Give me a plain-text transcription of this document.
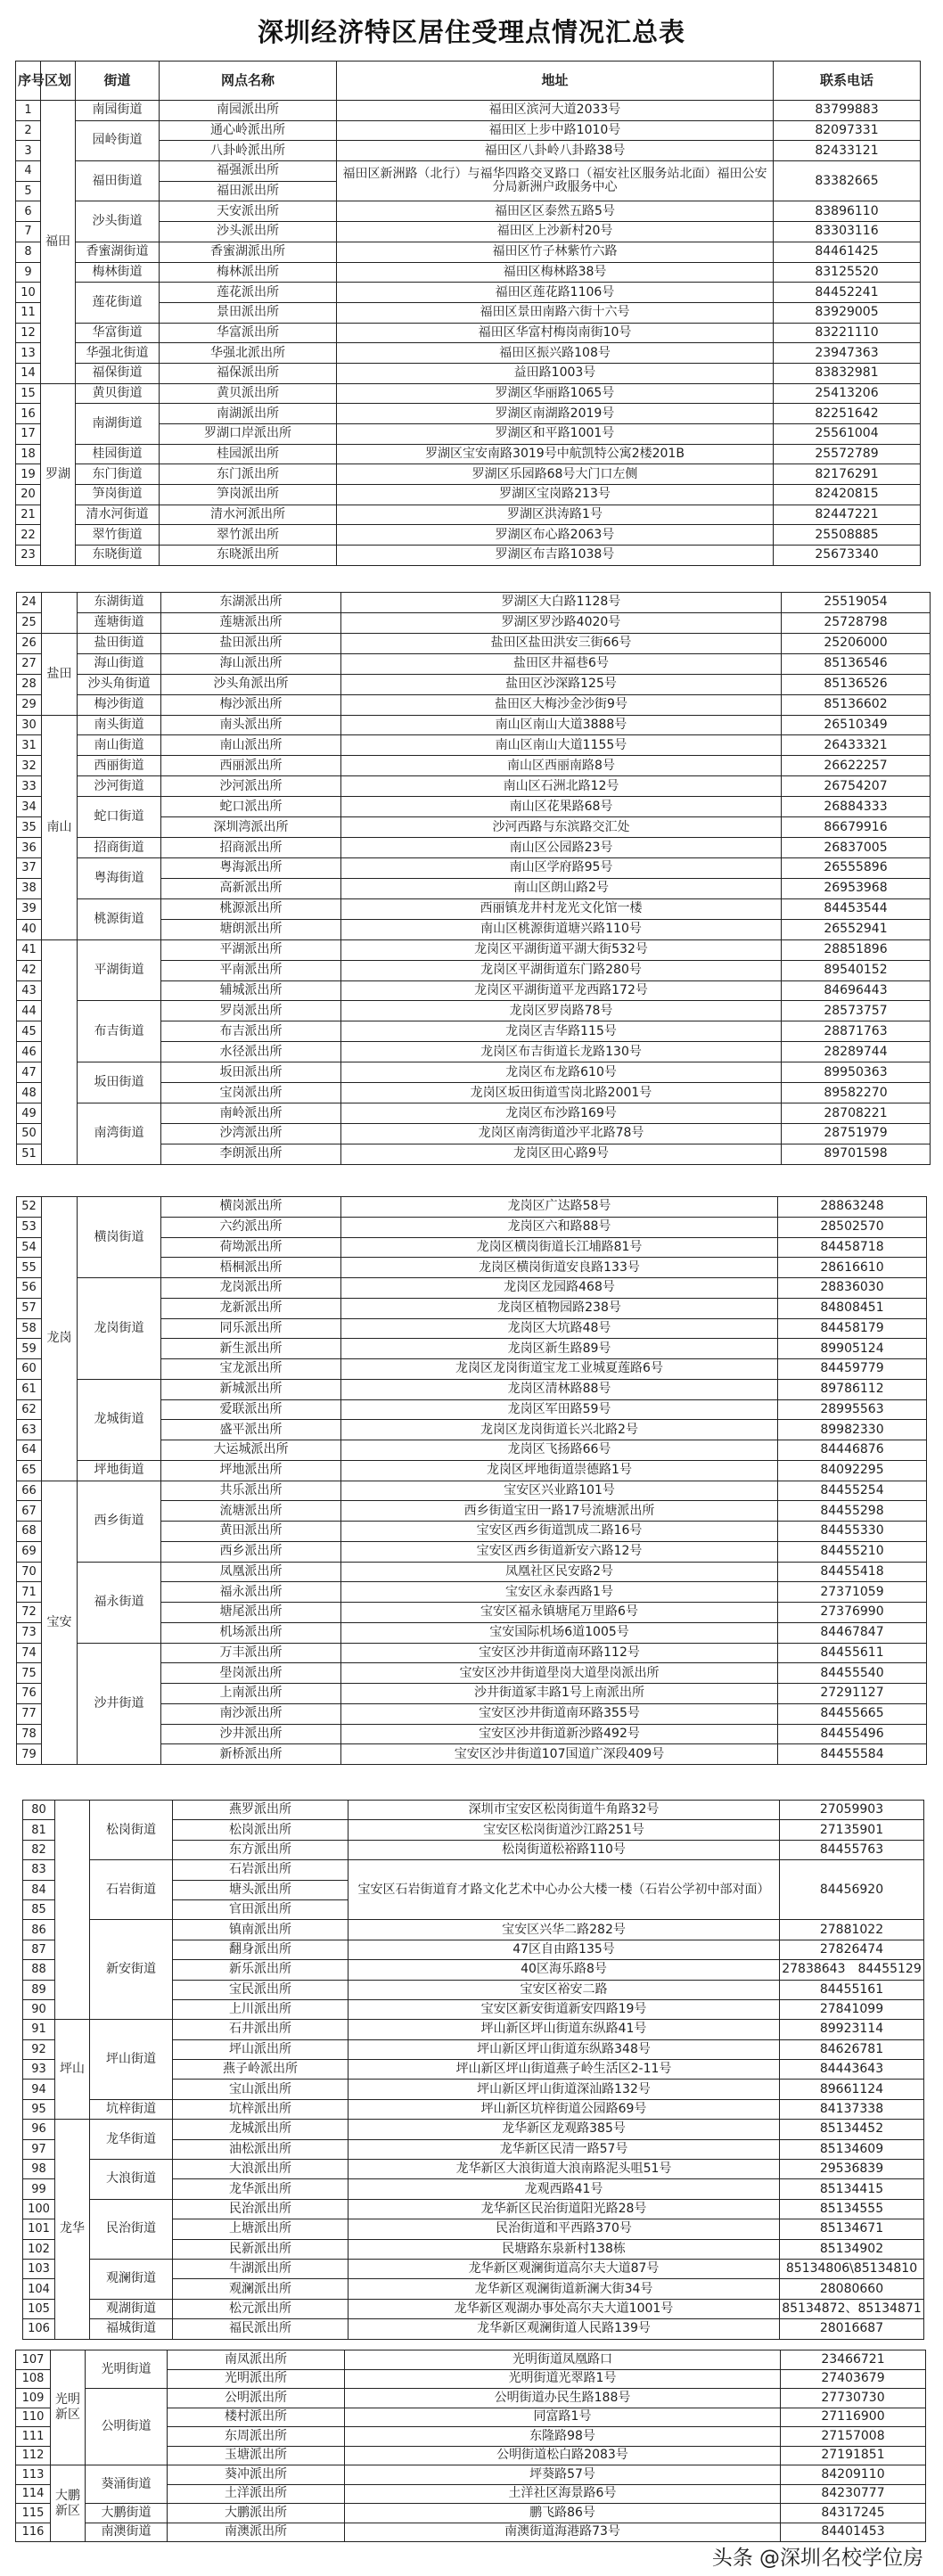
深圳经济特区居住受理点情况汇总表
序号	区划	街道	网点名称	地址	联系电话
1	福田	南园街道	南园派出所	福田区滨河大道2033号	83799883
2		园岭街道	通心岭派出所	福田区上步中路1010号	82097331
3			八卦岭派出所	福田区八卦岭八卦路38号	82433121
4		福田街道	福强派出所	福田区新洲路（北行）与福华四路交叉路口（福安社区服务站北面）福田公安分局新洲户政服务中心	83382665
5			福田派出所		
6		沙头街道	天安派出所	福田区区泰然五路5号	83896110
7			沙头派出所	福田区上沙新村20号	83303116
8		香蜜湖街道	香蜜湖派出所	福田区竹子林紫竹六路	84461425
9		梅林街道	梅林派出所	福田区梅林路38号	83125520
10		莲花街道	莲花派出所	福田区莲花路1106号	84452241
11			景田派出所	福田区景田南路六街十六号	83929005
12		华富街道	华富派出所	福田区华富村梅岗南街10号	83221110
13		华强北街道	华强北派出所	福田区振兴路108号	23947363
14		福保街道	福保派出所	益田路1003号	83832981
15	罗湖	黄贝街道	黄贝派出所	罗湖区华丽路1065号	25413206
16		南湖街道	南湖派出所	罗湖区南湖路2019号	82251642
17			罗湖口岸派出所	罗湖区和平路1001号	25561004
18		桂园街道	桂园派出所	罗湖区宝安南路3019号中航凯特公寓2楼201B	25572789
19		东门街道	东门派出所	罗湖区乐园路68号大门口左侧	82176291
20		笋岗街道	笋岗派出所	罗湖区宝岗路213号	82420815
21		清水河街道	清水河派出所	罗湖区洪涛路1号	82447221
22		翠竹街道	翠竹派出所	罗湖区布心路2063号	25508885
23		东晓街道	东晓派出所	罗湖区布吉路1038号	25673340
24		东湖街道	东湖派出所	罗湖区大白路1128号	25519054
25		莲塘街道	莲塘派出所	罗湖区罗沙路4020号	25728798
26	盐田	盐田街道	盐田派出所	盐田区盐田洪安三街66号	25206000
27		海山街道	海山派出所	盐田区井福巷6号	85136546
28		沙头角街道	沙头角派出所	盐田区沙深路125号	85136526
29		梅沙街道	梅沙派出所	盐田区大梅沙金沙街9号	85136602
30	南山	南头街道	南头派出所	南山区南山大道3888号	26510349
31		南山街道	南山派出所	南山区南山大道1155号	26433321
32		西丽街道	西丽派出所	南山区西丽南路8号	26622257
33		沙河街道	沙河派出所	南山区石洲北路12号	26754207
34		蛇口街道	蛇口派出所	南山区花果路68号	26884333
35			深圳湾派出所	沙河西路与东滨路交汇处	86679916
36		招商街道	招商派出所	南山区公园路23号	26837005
37		粤海街道	粤海派出所	南山区学府路95号	26555896
38			高新派出所	南山区朗山路2号	26953968
39		桃源街道	桃源派出所	西丽镇龙井村龙光文化馆一楼	84453544
40			塘朗派出所	南山区桃源街道塘兴路110号	26552941
41		平湖街道	平湖派出所	龙岗区平湖街道平湖大街532号	28851896
42			平南派出所	龙岗区平湖街道东门路280号	89540152
43			辅城派出所	龙岗区平湖街道平龙西路172号	84696443
44		布吉街道	罗岗派出所	龙岗区罗岗路78号	28573757
45			布吉派出所	龙岗区吉华路115号	28871763
46			水径派出所	龙岗区布吉街道长龙路130号	28289744
47		坂田街道	坂田派出所	龙岗区布龙路610号	89950363
48			宝岗派出所	龙岗区坂田街道雪岗北路2001号	89582270
49		南湾街道	南岭派出所	龙岗区布沙路169号	28708221
50			沙湾派出所	龙岗区南湾街道沙平北路78号	28751979
51			李朗派出所	龙岗区田心路9号	89701598
52	龙岗	横岗街道	横岗派出所	龙岗区广达路58号	28863248
53			六约派出所	龙岗区六和路88号	28502570
54			荷坳派出所	龙岗区横岗街道长江埔路81号	84458718
55			梧桐派出所	龙岗区横岗街道安良路133号	28616610
56		龙岗街道	龙岗派出所	龙岗区龙园路468号	28836030
57			龙新派出所	龙岗区植物园路238号	84808451
58			同乐派出所	龙岗区大坑路48号	84458179
59			新生派出所	龙岗区新生路89号	89905124
60			宝龙派出所	龙岗区龙岗街道宝龙工业城夏莲路6号	84459779
61		龙城街道	新城派出所	龙岗区清林路88号	89786112
62			爱联派出所	龙岗区军田路59号	28995563
63			盛平派出所	龙岗区龙岗街道长兴北路2号	89982330
64			大运城派出所	龙岗区飞扬路66号	84446876
65		坪地街道	坪地派出所	龙岗区坪地街道崇德路1号	84092295
66	宝安	西乡街道	共乐派出所	宝安区兴业路101号	84455254
67			流塘派出所	西乡街道宝田一路17号流塘派出所	84455298
68			黄田派出所	宝安区西乡街道凯成二路16号	84455330
69			西乡派出所	宝安区西乡街道新安六路12号	84455210
70		福永街道	凤凰派出所	凤凰社区民安路2号	84455418
71			福永派出所	宝安区永泰西路1号	27371059
72			塘尾派出所	宝安区福永镇塘尾万里路6号	27376990
73			机场派出所	宝安国际机场6道1005号	84467847
74		沙井街道	万丰派出所	宝安区沙井街道南环路112号	84455611
75			壆岗派出所	宝安区沙井街道壆岗大道壆岗派出所	84455540
76			上南派出所	沙井街道冢丰路1号上南派出所	27291127
77			南沙派出所	宝安区沙井街道南环路355号	84455665
78			沙井派出所	宝安区沙井街道新沙路492号	84455496
79			新桥派出所	宝安区沙井街道107国道广深段409号	84455584
80		松岗街道	燕罗派出所	深圳市宝安区松岗街道牛角路32号	27059903
81			松岗派出所	宝安区松岗街道沙江路251号	27135901
82			东方派出所	松岗街道松裕路110号	84455763
83		石岩街道	石岩派出所	宝安区石岩街道育才路文化艺术中心办公大楼一楼（石岩公学初中部对面）	84456920
84			塘头派出所		
85			官田派出所		
86		新安街道	镇南派出所	宝安区兴华二路282号	27881022
87			翻身派出所	47区自由路135号	27826474
88			新乐派出所	40区海乐路8号	27838643　84455129
89			宝民派出所	宝安区裕安二路	84455161
90			上川派出所	宝安区新安街道新安四路19号	27841099
91	坪山	坪山街道	石井派出所	坪山新区坪山街道东纵路41号	89923114
92			坪山派出所	坪山新区坪山街道东纵路348号	84626781
93			燕子岭派出所	坪山新区坪山街道燕子岭生活区2-11号	84443643
94			宝山派出所	坪山新区坪山街道深汕路132号	89661124
95		坑梓街道	坑梓派出所	坪山新区坑梓街道公园路69号	84137338
96	龙华	龙华街道	龙城派出所	龙华新区龙观路385号	85134452
97			油松派出所	龙华新区民清一路57号	85134609
98		大浪街道	大浪派出所	龙华新区大浪街道大浪南路泥头咀51号	29536839
99			龙华派出所	龙观西路41号	85134415
100		民治街道	民治派出所	龙华新区民治街道阳光路28号	85134555
101			上塘派出所	民治街道和平西路370号	85134671
102			民新派出所	民塘路东泉新村138栋	85134902
103		观澜街道	牛湖派出所	龙华新区观澜街道高尔夫大道87号	85134806\85134810
104			观澜派出所	龙华新区观澜街道新澜大街34号	28080660
105		观湖街道	松元派出所	龙华新区观湖办事处高尔夫大道1001号	85134872、85134871
106		福城街道	福民派出所	龙华新区观澜街道人民路139号	28016687
107	光明新区	光明街道	南凤派出所	光明街道凤凰路口	23466721
108			光明派出所	光明街道光翠路1号	27403679
109		公明街道	公明派出所	公明街道办民生路188号	27730730
110			楼村派出所	同富路1号	27116900
111			东周派出所	东隆路98号	27157008
112			玉塘派出所	公明街道松白路2083号	27191851
113	大鹏新区	葵涌街道	葵冲派出所	坪葵路57号	84209110
114			土洋派出所	土洋社区海景路6号	84230777
115		大鹏街道	大鹏派出所	鹏飞路86号	84317245
116		南澳街道	南澳派出所	南澳街道海港路73号	84401453
头条 @深圳名校学位房
